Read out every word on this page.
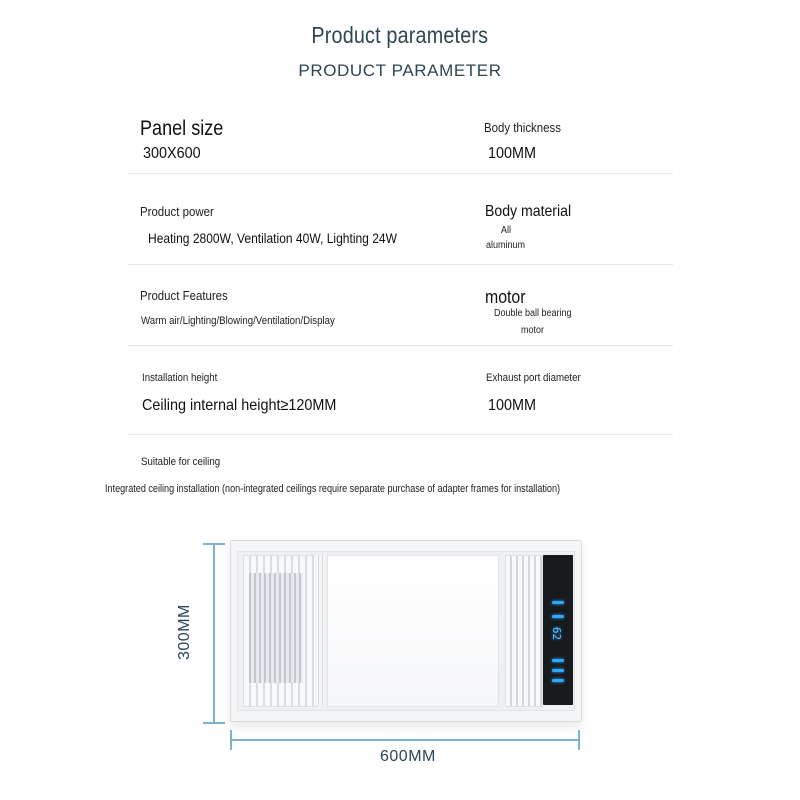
Product parameters
PRODUCT PARAMETER
Panel size
300X600
Body thickness
100MM
Product power
Heating 2800W, Ventilation 40W, Lighting 24W
Body material
All
aluminum
Product Features
Warm air/Lighting/Blowing/Ventilation/Display
motor
Double ball bearing
motor
Installation height
Ceiling internal height≥120MM
Exhaust port diameter
100MM
Suitable for ceiling
Integrated ceiling installation (non-integrated ceilings require separate purchase of adapter frames for installation)
62
300MM
600MM
